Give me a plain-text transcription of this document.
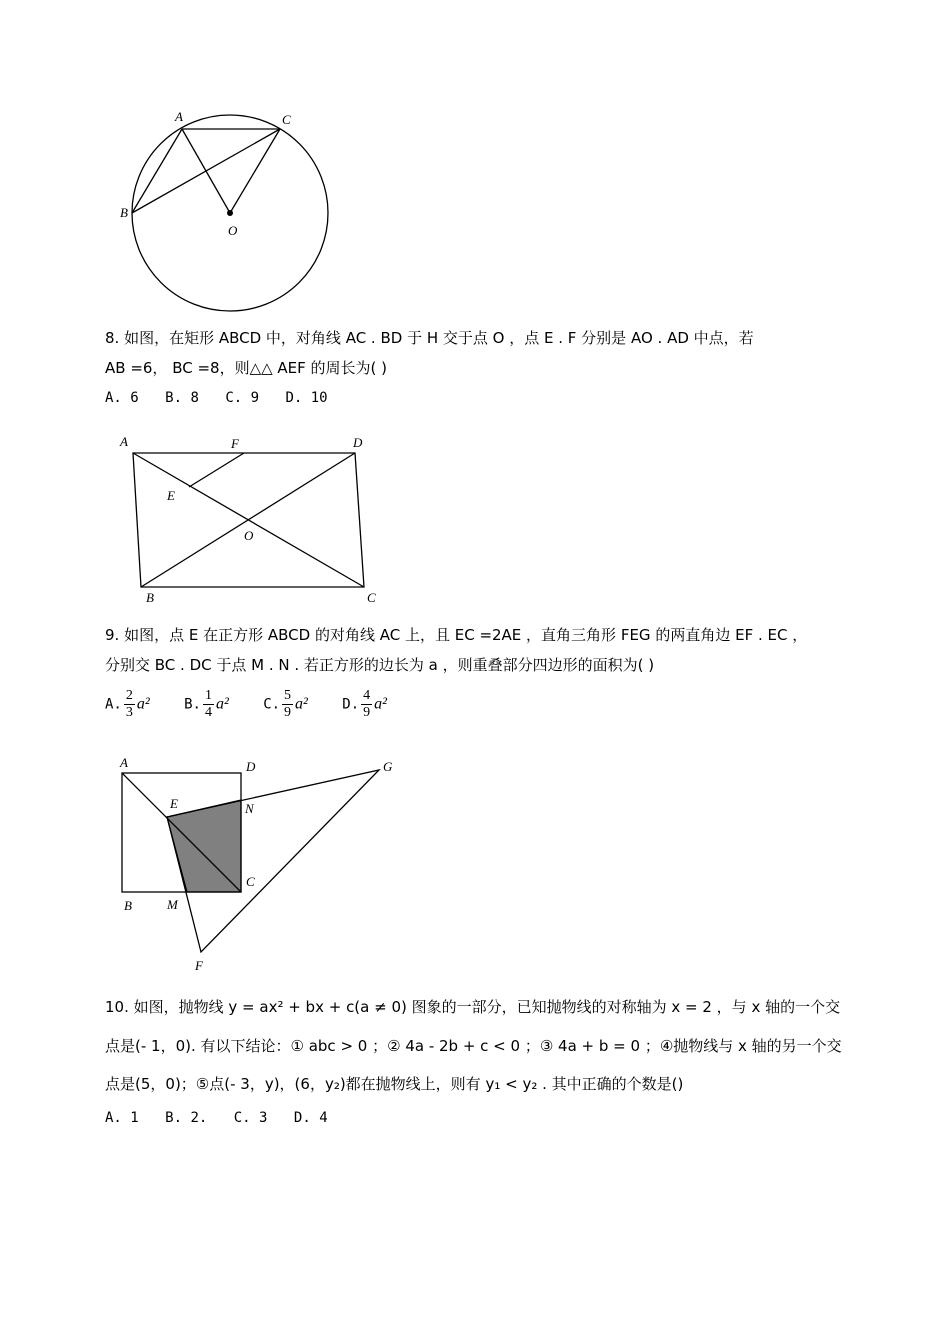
A	C
B
O
8. 如图，在矩形 ABCD 中，对角线 AC . BD 于 H 交于点 O ，点 E . F 分别是 AO . AD 中点，若
AB =6， BC =8，则△△ AEF 的周长为( )
A. 6 B. 8 C. 9 D. 10
A	F	D
E
O
B	C
9. 如图，点 E 在正方形 ABCD 的对角线 AC 上，且 EC =2AE ，直角三角形 FEG 的两直角边 EF . EC ，
分别交 BC . DC 于点 M . N . 若正方形的边长为 a ，则重叠部分四边形的面积为( )
A. $\frac{2}{3} a^2$ B. $\frac{1}{4} a^2$ C. $\frac{5}{9} a^2$ D. $\frac{4}{9} a^2$
A	D	G
E	N
C
B	M
F
10. 如图，抛物线 y = ax² + bx + c(a ≠ 0) 图象的一部分，已知抛物线的对称轴为 x = 2 ，与 x 轴的一个交
点是(- 1，0). 有以下结论：① abc > 0 ；② 4a - 2b + c < 0 ；③ 4a + b = 0 ；④抛物线与 x 轴的另一个交
点是(5，0)；⑤点(- 3，y)，(6，y₂)都在抛物线上，则有 y₁ < y₂ . 其中正确的个数是()
A. 1 B. 2. C. 3 D. 4
